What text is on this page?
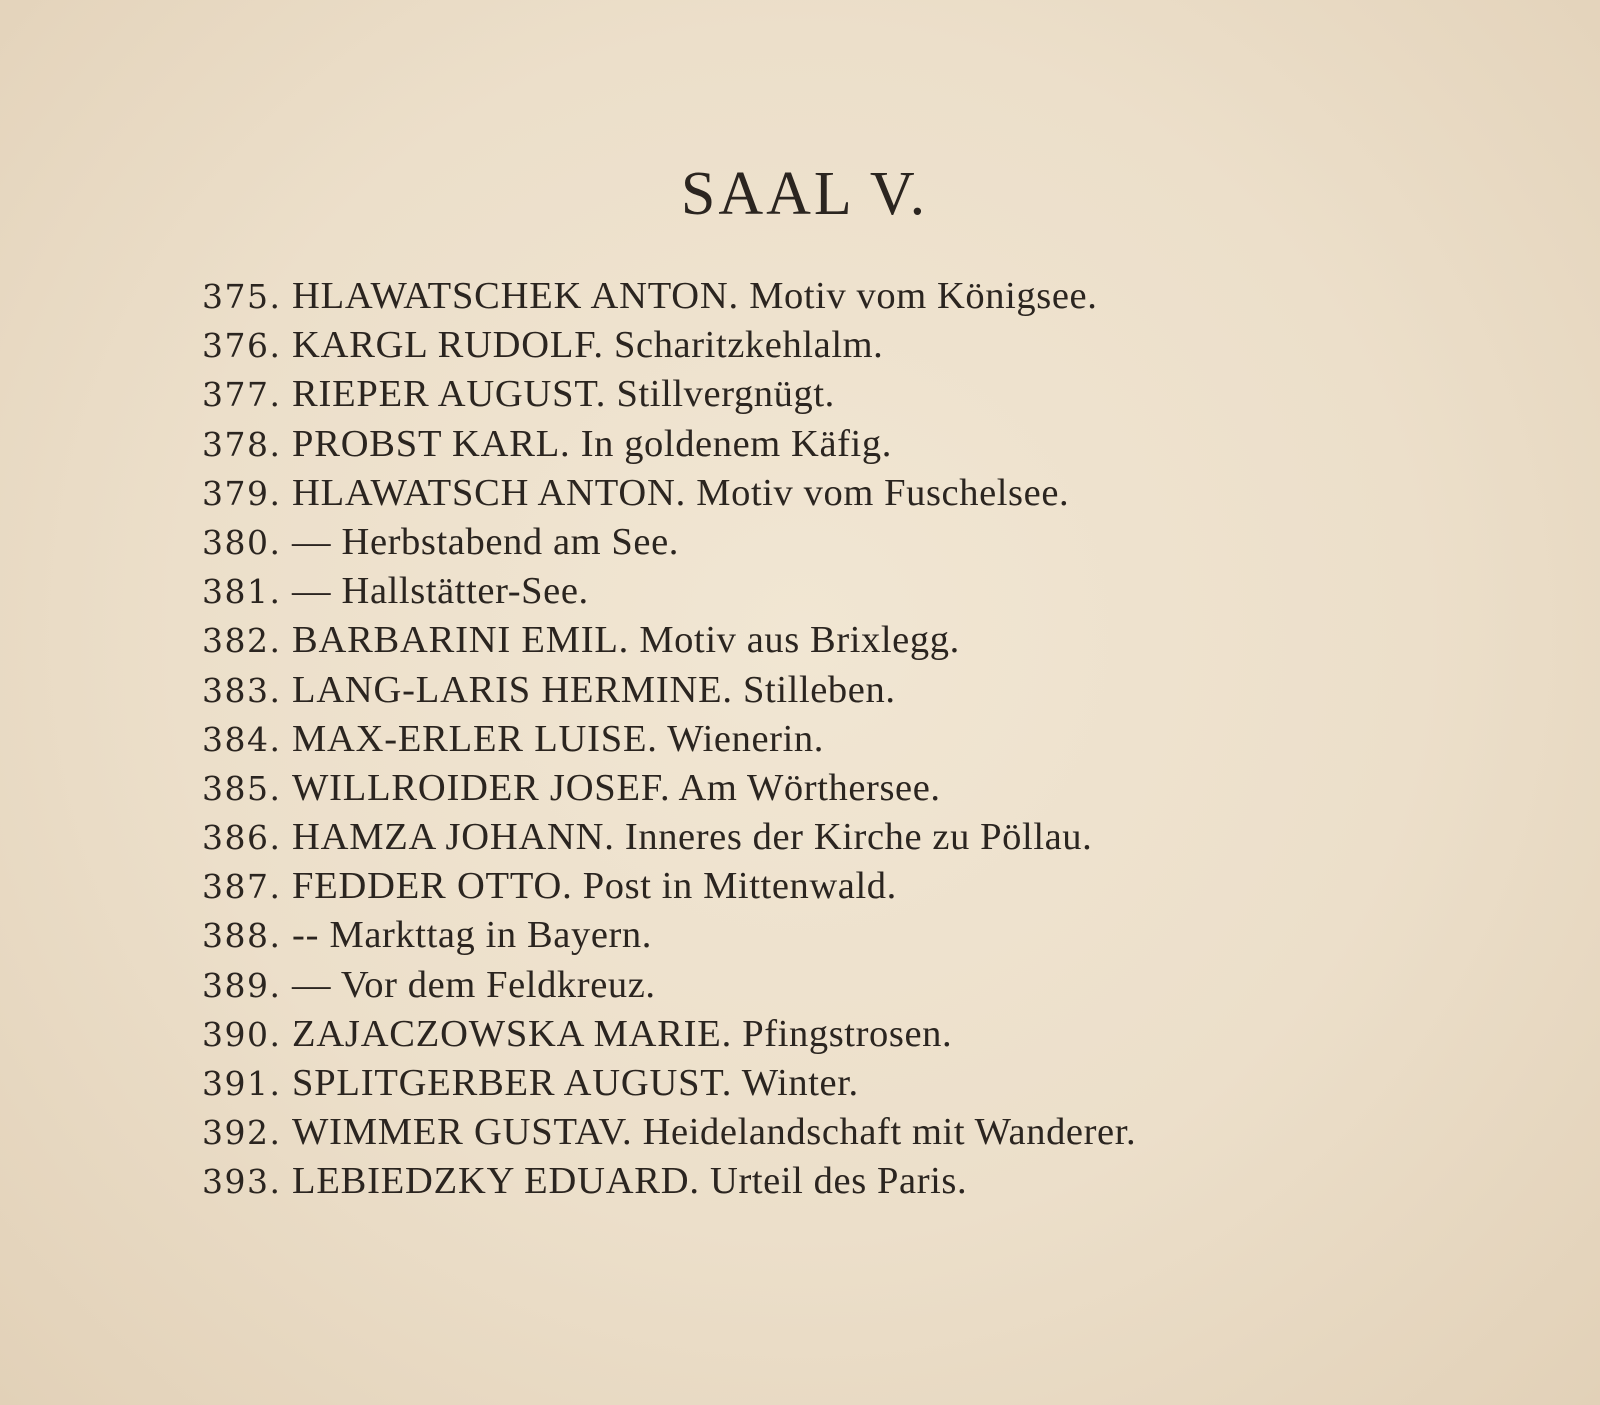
SAAL V.
375. HLAWATSCHEK ANTON. Motiv vom Königsee.
376. KARGL RUDOLF. Scharitzkehlalm.
377. RIEPER AUGUST. Stillvergnügt.
378. PROBST KARL. In goldenem Käfig.
379. HLAWATSCH ANTON. Motiv vom Fuschelsee.
380. — Herbstabend am See.
381. — Hallstätter-See.
382. BARBARINI EMIL. Motiv aus Brixlegg.
383. LANG-LARIS HERMINE. Stilleben.
384. MAX-ERLER LUISE. Wienerin.
385. WILLROIDER JOSEF. Am Wörthersee.
386. HAMZA JOHANN. Inneres der Kirche zu Pöllau.
387. FEDDER OTTO. Post in Mittenwald.
388. -- Markttag in Bayern.
389. — Vor dem Feldkreuz.
390. ZAJACZOWSKA MARIE. Pfingstrosen.
391. SPLITGERBER AUGUST. Winter.
392. WIMMER GUSTAV. Heidelandschaft mit Wanderer.
393. LEBIEDZKY EDUARD. Urteil des Paris.
